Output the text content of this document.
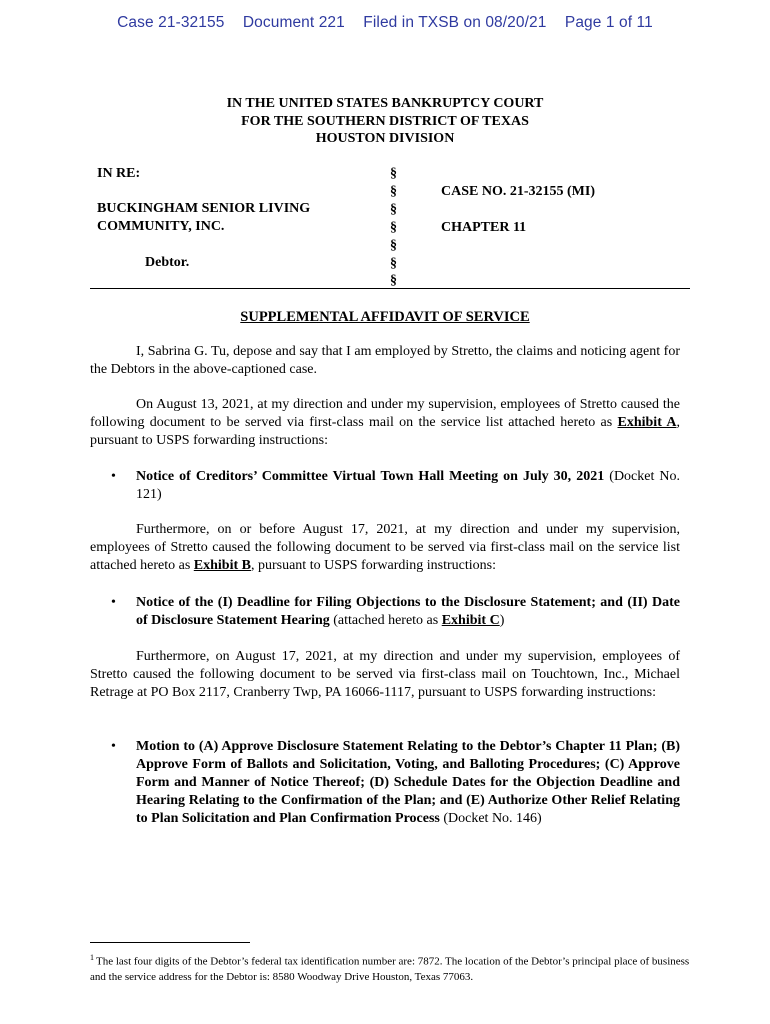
Case 21-32155 Document 221 Filed in TXSB on 08/20/21 Page 1 of 11
IN THE UNITED STATES BANKRUPTCY COURT
FOR THE SOUTHERN DISTRICT OF TEXAS
HOUSTON DIVISION
IN RE:
BUCKINGHAM SENIOR LIVING
COMMUNITY, INC.
Debtor.
§
§
§
§
§
§
§
CASE NO. 21-32155 (MI)
CHAPTER 11
SUPPLEMENTAL AFFIDAVIT OF SERVICE
I, Sabrina G. Tu, depose and say that I am employed by Stretto, the claims and noticing agent for the Debtors in the above-captioned case.
On August 13, 2021, at my direction and under my supervision, employees of Stretto caused the following document to be served via first-class mail on the service list attached hereto as Exhibit A, pursuant to USPS forwarding instructions:
• Notice of Creditors’ Committee Virtual Town Hall Meeting on July 30, 2021 (Docket No. 121)
Furthermore, on or before August 17, 2021, at my direction and under my supervision, employees of Stretto caused the following document to be served via first-class mail on the service list attached hereto as Exhibit B, pursuant to USPS forwarding instructions:
• Notice of the (I) Deadline for Filing Objections to the Disclosure Statement; and (II) Date of Disclosure Statement Hearing (attached hereto as Exhibit C)
Furthermore, on August 17, 2021, at my direction and under my supervision, employees of Stretto caused the following document to be served via first-class mail on Touchtown, Inc., Michael Retrage at PO Box 2117, Cranberry Twp, PA 16066-1117, pursuant to USPS forwarding instructions:
• Motion to (A) Approve Disclosure Statement Relating to the Debtor’s Chapter 11 Plan; (B) Approve Form of Ballots and Solicitation, Voting, and Balloting Procedures; (C) Approve Form and Manner of Notice Thereof; (D) Schedule Dates for the Objection Deadline and Hearing Relating to the Confirmation of the Plan; and (E) Authorize Other Relief Relating to Plan Solicitation and Plan Confirmation Process (Docket No. 146)
$^1$ The last four digits of the Debtor’s federal tax identification number are: 7872. The location of the Debtor’s principal place of business and the service address for the Debtor is: 8580 Woodway Drive Houston, Texas 77063.
